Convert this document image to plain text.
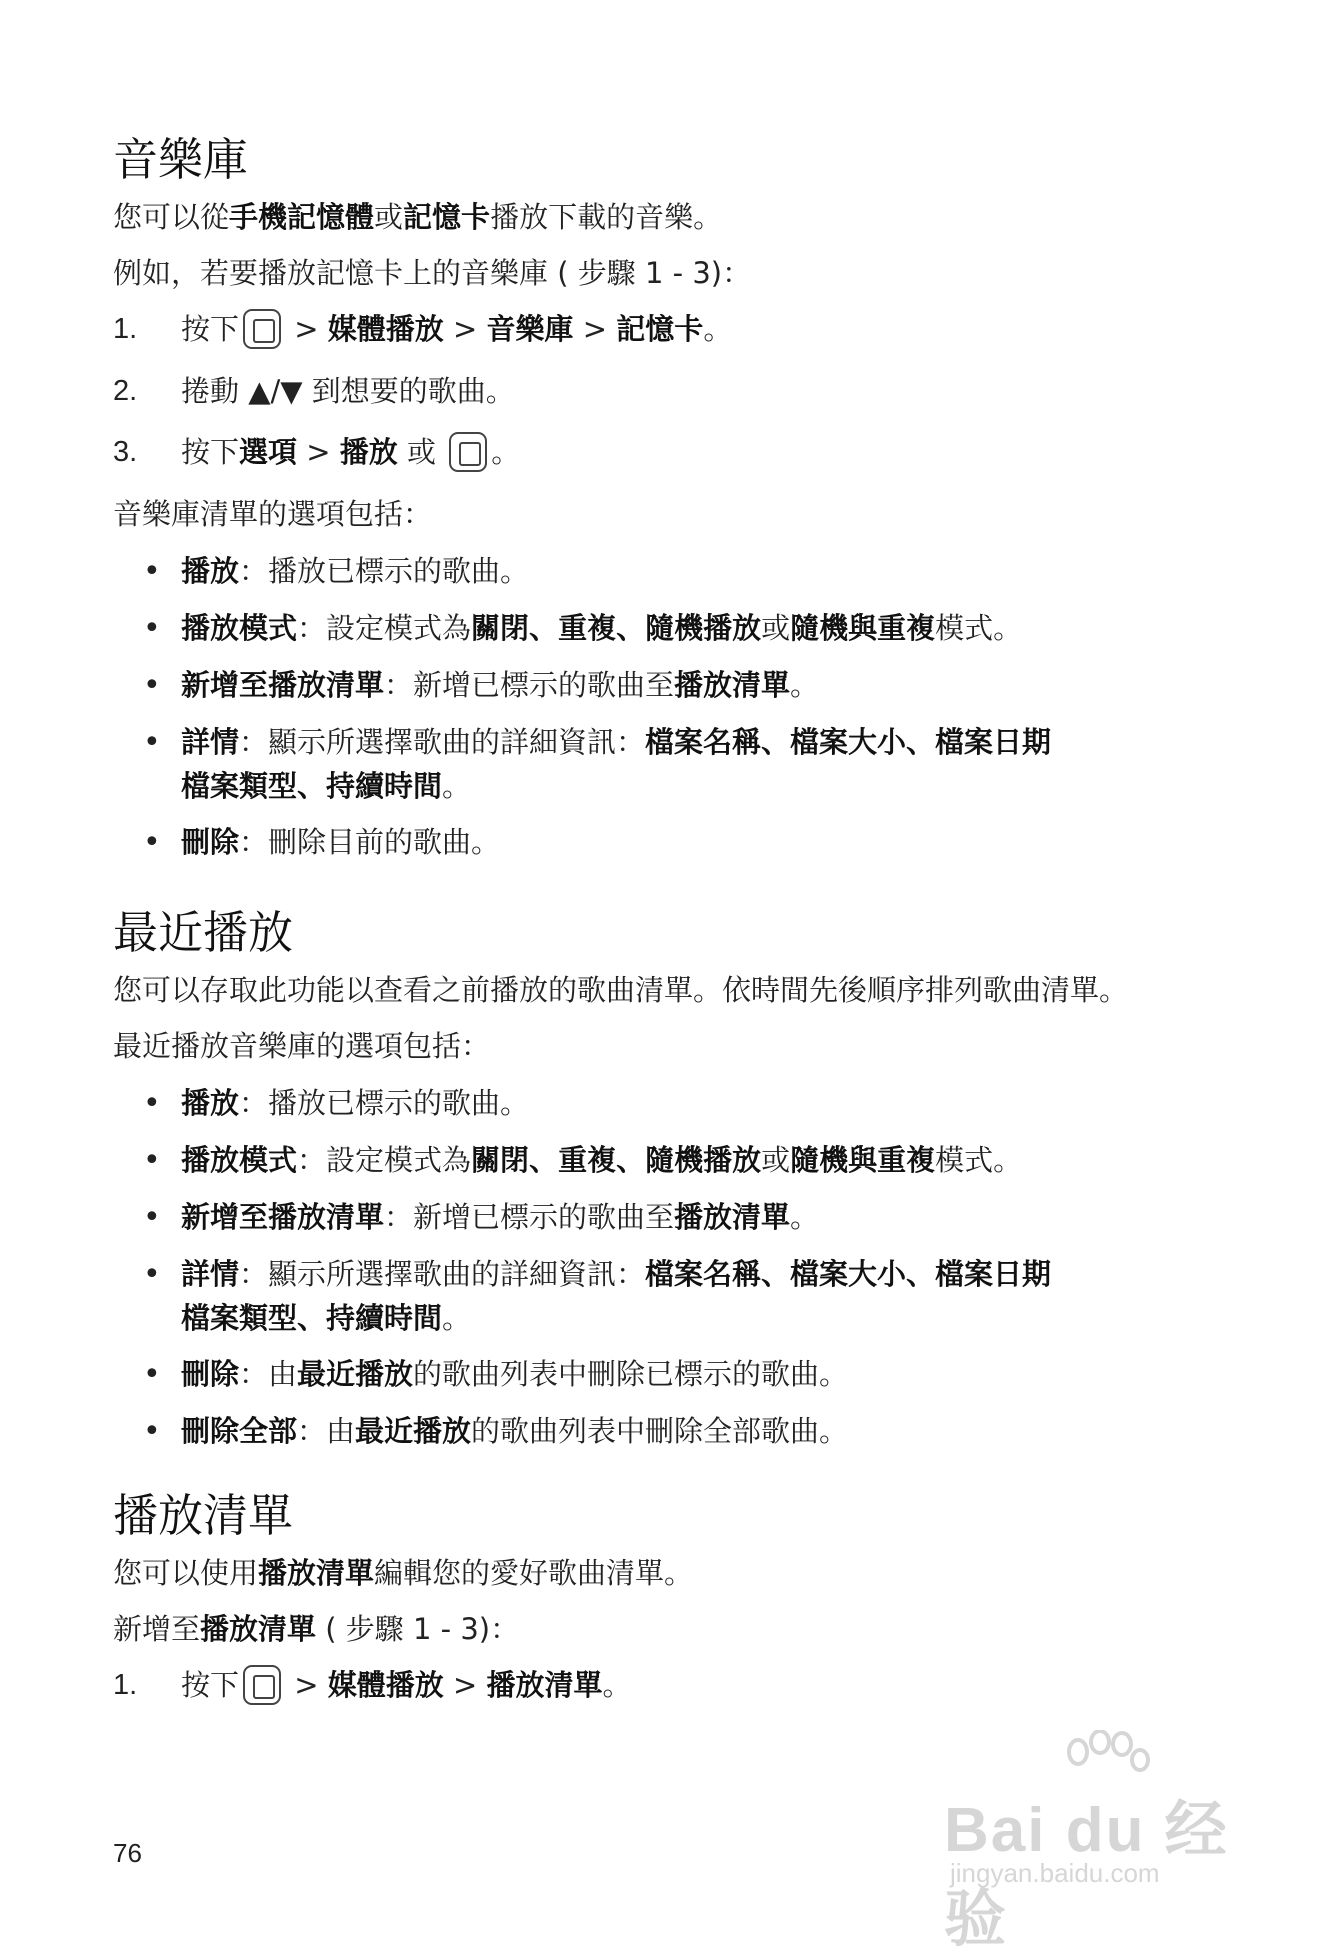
音樂庫
您可以從手機記憶體或記憶卡播放下載的音樂。
例如，若要播放記憶卡上的音樂庫 ( 步驟 1 - 3)：
1.	按下 > 媒體播放 > 音樂庫 > 記憶卡。
2.	捲動 ▲/▼ 到想要的歌曲。
3.	按下選項 > 播放 或 。
音樂庫清單的選項包括：
•
播放：播放已標示的歌曲。
•
播放模式：設定模式為關閉、重複、隨機播放或隨機與重複模式。
•
新增至播放清單：新增已標示的歌曲至播放清單。
•
詳情：顯示所選擇歌曲的詳細資訊：檔案名稱、檔案大小、檔案日期
檔案類型、持續時間。
•
刪除：刪除目前的歌曲。
最近播放
您可以存取此功能以查看之前播放的歌曲清單。依時間先後順序排列歌曲清單。
最近播放音樂庫的選項包括：
•
播放：播放已標示的歌曲。
•
播放模式：設定模式為關閉、重複、隨機播放或隨機與重複模式。
•
新增至播放清單：新增已標示的歌曲至播放清單。
•
詳情：顯示所選擇歌曲的詳細資訊：檔案名稱、檔案大小、檔案日期
檔案類型、持續時間。
•
刪除：由最近播放的歌曲列表中刪除已標示的歌曲。
•
刪除全部：由最近播放的歌曲列表中刪除全部歌曲。
播放清單
您可以使用播放清單編輯您的愛好歌曲清單。
新增至播放清單 ( 步驟 1 - 3)：
1.	按下 > 媒體播放 > 播放清單。
76	Bai du 经验
jingyan.baidu.com
